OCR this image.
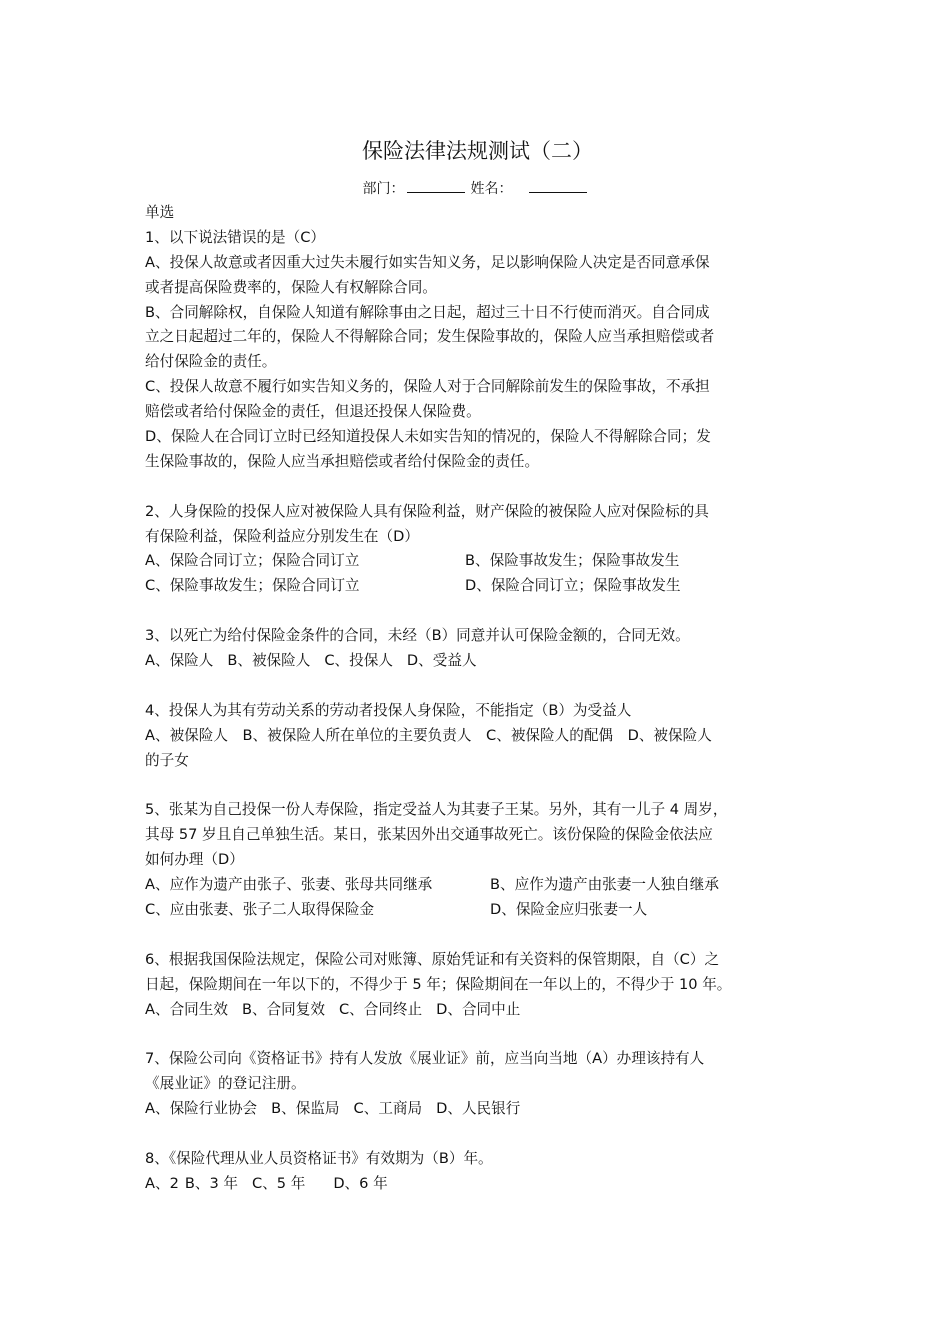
保险法律法规测试（二）
部门：	姓名：
单选
1、以下说法错误的是（C）
A、投保人故意或者因重大过失未履行如实告知义务，足以影响保险人决定是否同意承保
或者提高保险费率的，保险人有权解除合同。
B、合同解除权，自保险人知道有解除事由之日起，超过三十日不行使而消灭。自合同成
立之日起超过二年的，保险人不得解除合同；发生保险事故的，保险人应当承担赔偿或者
给付保险金的责任。
C、投保人故意不履行如实告知义务的，保险人对于合同解除前发生的保险事故，不承担
赔偿或者给付保险金的责任，但退还投保人保险费。
D、保险人在合同订立时已经知道投保人未如实告知的情况的，保险人不得解除合同；发
生保险事故的，保险人应当承担赔偿或者给付保险金的责任。
2、人身保险的投保人应对被保险人具有保险利益，财产保险的被保险人应对保险标的具
有保险利益，保险利益应分别发生在（D）
A、保险合同订立；保险合同订立	B、保险事故发生；保险事故发生
C、保险事故发生；保险合同订立	D、保险合同订立；保险事故发生
3、以死亡为给付保险金条件的合同，未经（B）同意并认可保险金额的，合同无效。
A、保险人 B、被保险人 C、投保人 D、受益人
4、投保人为其有劳动关系的劳动者投保人身保险，不能指定（B）为受益人
A、被保险人　B、被保险人所在单位的主要负责人　C、被保险人的配偶　D、被保险人
的子女
5、张某为自己投保一份人寿保险，指定受益人为其妻子王某。另外，其有一儿子 4 周岁，
其母 57 岁且自己单独生活。某日，张某因外出交通事故死亡。该份保险的保险金依法应
如何办理（D）
A、应作为遗产由张子、张妻、张母共同继承	B、应作为遗产由张妻一人独自继承
C、应由张妻、张子二人取得保险金	D、保险金应归张妻一人
6、根据我国保险法规定，保险公司对账簿、原始凭证和有关资料的保管期限，自（C）之
日起，保险期间在一年以下的，不得少于 5 年；保险期间在一年以上的，不得少于 10 年。
A、合同生效 B、合同复效 C、合同终止 D、合同中止
7、保险公司向《资格证书》持有人发放《展业证》前，应当向当地（A）办理该持有人
《展业证》的登记注册。
A、保险行业协会 B、保监局 C、工商局 D、人民银行
8、《保险代理从业人员资格证书》有效期为（B）年。
A、2 B、3 年 C、5 年 D、6 年
